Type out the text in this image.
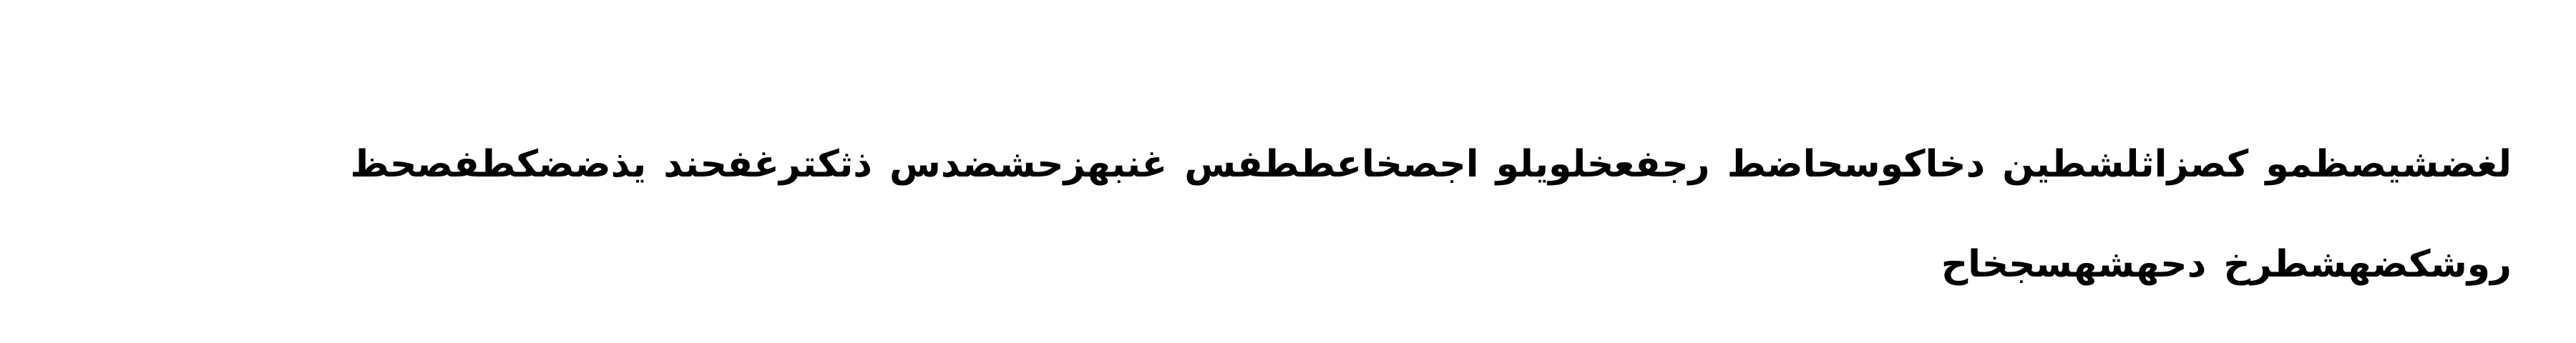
لغضشيصظمو كصزاثلشطين دخاكوسحاضط رجفعخلويلو اجصخاعططفس غنبهزحشضدس ذثكترغفحند يذضضكطفصحظ روشكضهشطرخ دحهشهسجخاح
